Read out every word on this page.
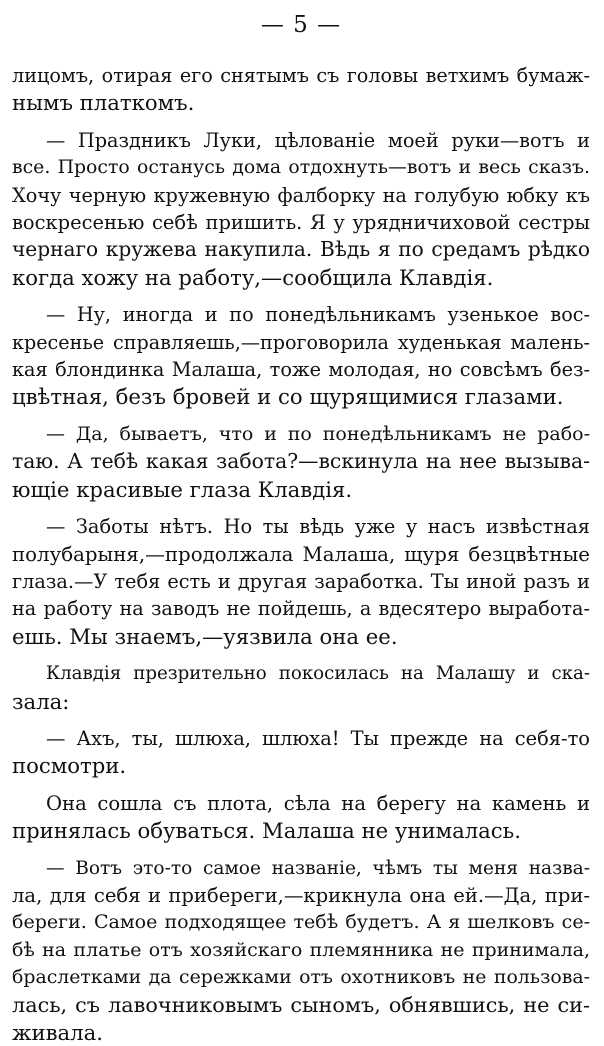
— 5 —
лицомъ, отирая его снятымъ съ головы ветхимъ бумаж-
нымъ платкомъ.
— Праздникъ Луки, цѣлованіе моей руки—вотъ и
все. Просто останусь дома отдохнуть—вотъ и весь сказъ.
Хочу черную кружевную фалборку на голубую юбку къ
воскресенью себѣ пришить. Я у урядничиховой сестры
чернаго кружева накупила. Вѣдь я по средамъ рѣдко
когда хожу на работу,—сообщила Клавдія.
— Ну, иногда и по понедѣльникамъ узенькое вос-
кресенье справляешь,—проговорила худенькая малень-
кая блондинка Малаша, тоже молодая, но совсѣмъ без-
цвѣтная, безъ бровей и со щурящимися глазами.
— Да, бываетъ, что и по понедѣльникамъ не рабо-
таю. А тебѣ какая забота?—вскинула на нее вызыва-
ющіе красивые глаза Клавдія.
— Заботы нѣтъ. Но ты вѣдь уже у насъ извѣстная
полубарыня,—продолжала Малаша, щуря безцвѣтные
глаза.—У тебя есть и другая заработка. Ты иной разъ и
на работу на заводъ не пойдешь, а вдесятеро выработа-
ешь. Мы знаемъ,—уязвила она ее.
Клавдія презрительно покосилась на Малашу и ска-
зала:
— Ахъ, ты, шлюха, шлюха! Ты прежде на себя-то
посмотри.
Она сошла съ плота, сѣла на берегу на камень и
принялась обуваться. Малаша не унималась.
— Вотъ это-то самое названіе, чѣмъ ты меня назва-
ла, для себя и прибереги,—крикнула она ей.—Да, при-
береги. Самое подходящее тебѣ будетъ. А я шелковъ се-
бѣ на платье отъ хозяйскаго племянника не принимала,
браслетками да сережками отъ охотниковъ не пользова-
лась, съ лавочниковымъ сыномъ, обнявшись, не си-
живала.
